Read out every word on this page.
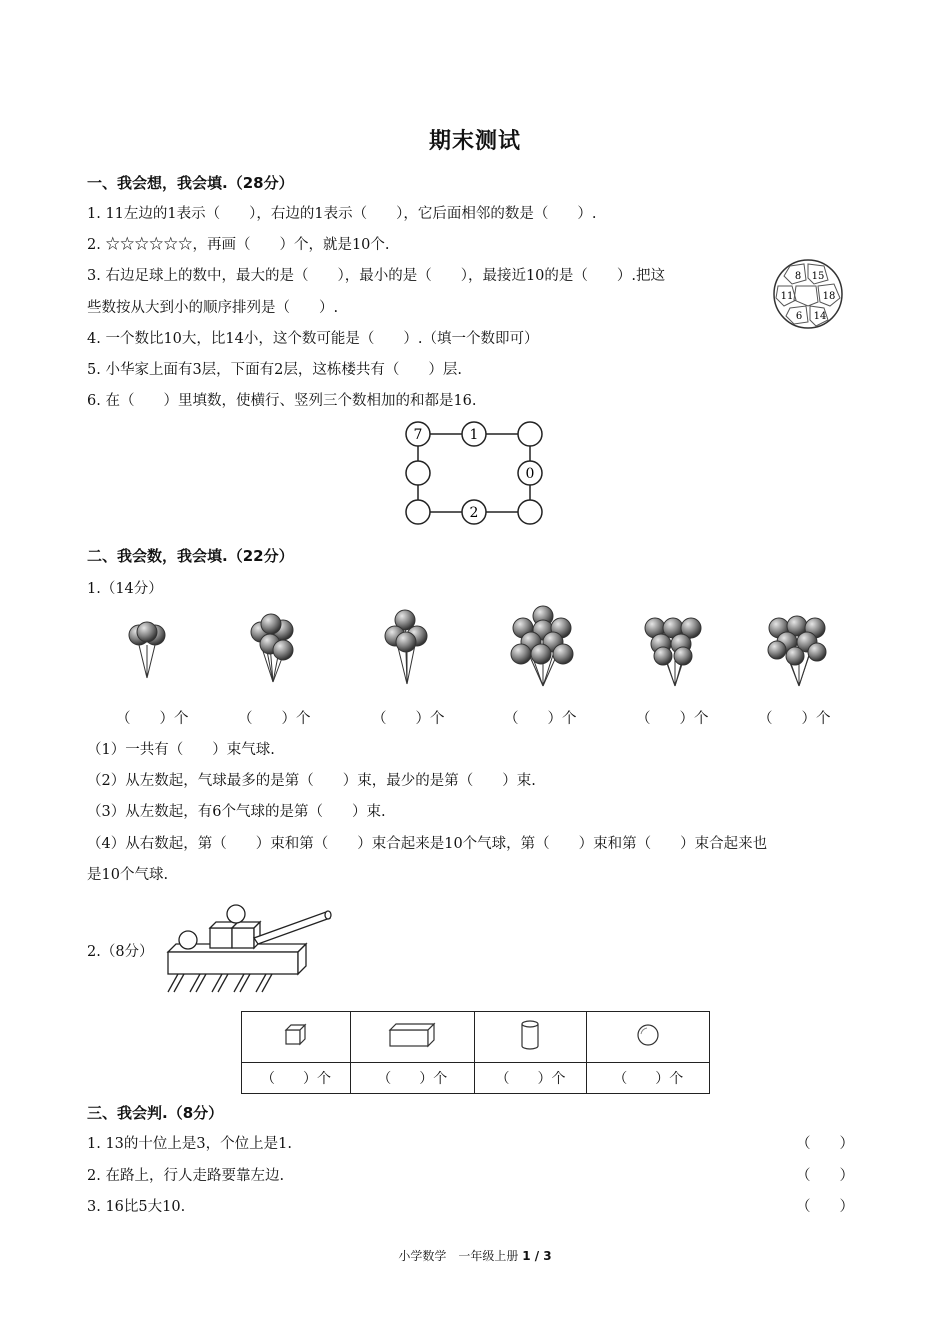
期末测试
一、我会想，我会填.（28分）
1. 11左边的1表示（　　），右边的1表示（　　），它后面相邻的数是（　　）.
2. ☆☆☆☆☆☆，再画（　　）个，就是10个.
3. 右边足球上的数中，最大的是（　　），最小的是（　　），最接近10的是（　　）.把这
些数按从大到小的顺序排列是（　　）.
4. 一个数比10大，比14小，这个数可能是（　　）.（填一个数即可）
5. 小华家上面有3层，下面有2层，这栋楼共有（　　）层.
6. 在（　　）里填数，使横行、竖列三个数相加的和都是16.
8 15
11	18
6 14
7	1
0
2
二、我会数，我会填.（22分）
1.（14分）
（　　）个	（　　）个	（　　）个	（　　）个	（　　）个	（　　）个
（1）一共有（　　）束气球.
（2）从左数起，气球最多的是第（　　）束，最少的是第（　　）束.
（3）从左数起，有6个气球的是第（　　）束.
（4）从右数起，第（　　）束和第（　　）束合起来是10个气球，第（　　）束和第（　　）束合起来也
是10个气球.
2.（8分）

（　　）个	（　　）个	（　　）个	（　　）个
三、我会判.（8分）
1. 13的十位上是3，个位上是1.	（　　）
2. 在路上，行人走路要靠左边.	（　　）
3. 16比5大10.	（　　）
小学数学　一年级上册 1 / 3
